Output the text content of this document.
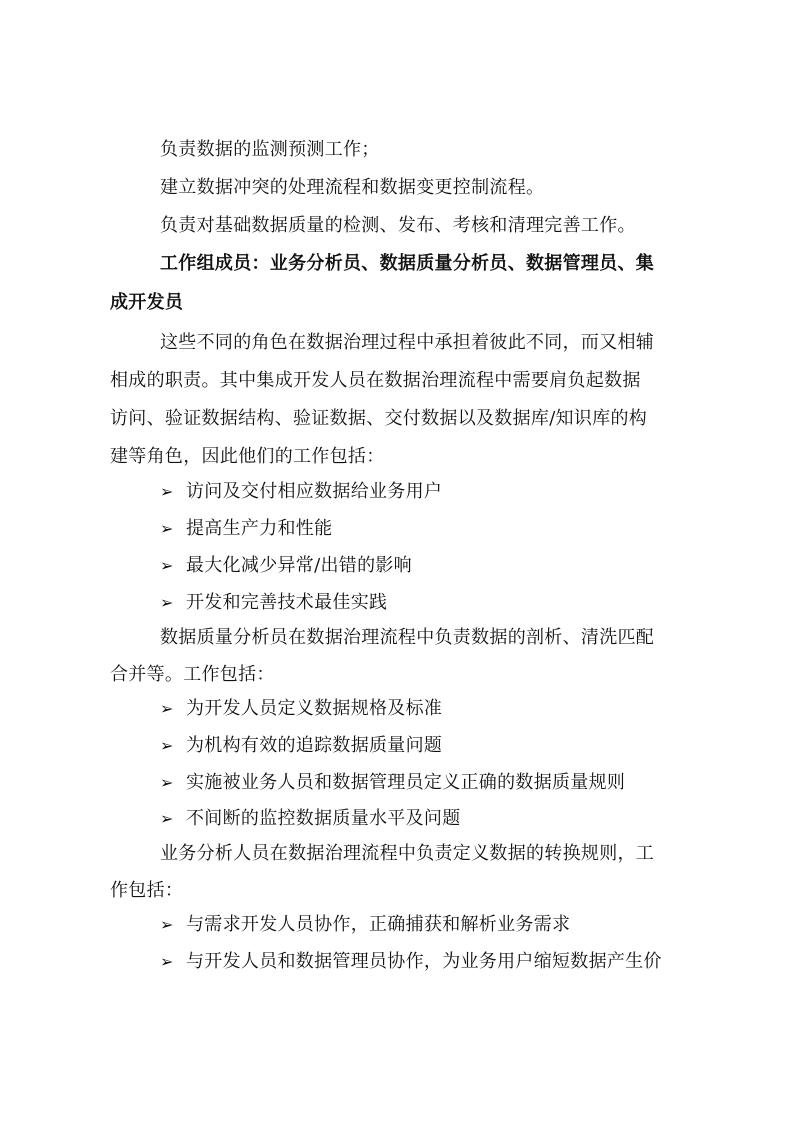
负责数据的监测预测工作；
建立数据冲突的处理流程和数据变更控制流程。
负责对基础数据质量的检测、发布、考核和清理完善工作。
工作组成员：业务分析员、数据质量分析员、数据管理员、集
成开发员
这些不同的角色在数据治理过程中承担着彼此不同，而又相辅
相成的职责。其中集成开发人员在数据治理流程中需要肩负起数据
访问、验证数据结构、验证数据、交付数据以及数据库/知识库的构
建等角色，因此他们的工作包括：
➢ 访问及交付相应数据给业务用户
➢ 提高生产力和性能
➢ 最大化减少异常/出错的影响
➢ 开发和完善技术最佳实践
数据质量分析员在数据治理流程中负责数据的剖析、清洗匹配
合并等。工作包括：
➢ 为开发人员定义数据规格及标准
➢ 为机构有效的追踪数据质量问题
➢ 实施被业务人员和数据管理员定义正确的数据质量规则
➢ 不间断的监控数据质量水平及问题
业务分析人员在数据治理流程中负责定义数据的转换规则，工
作包括：
➢ 与需求开发人员协作，正确捕获和解析业务需求
➢ 与开发人员和数据管理员协作，为业务用户缩短数据产生价
